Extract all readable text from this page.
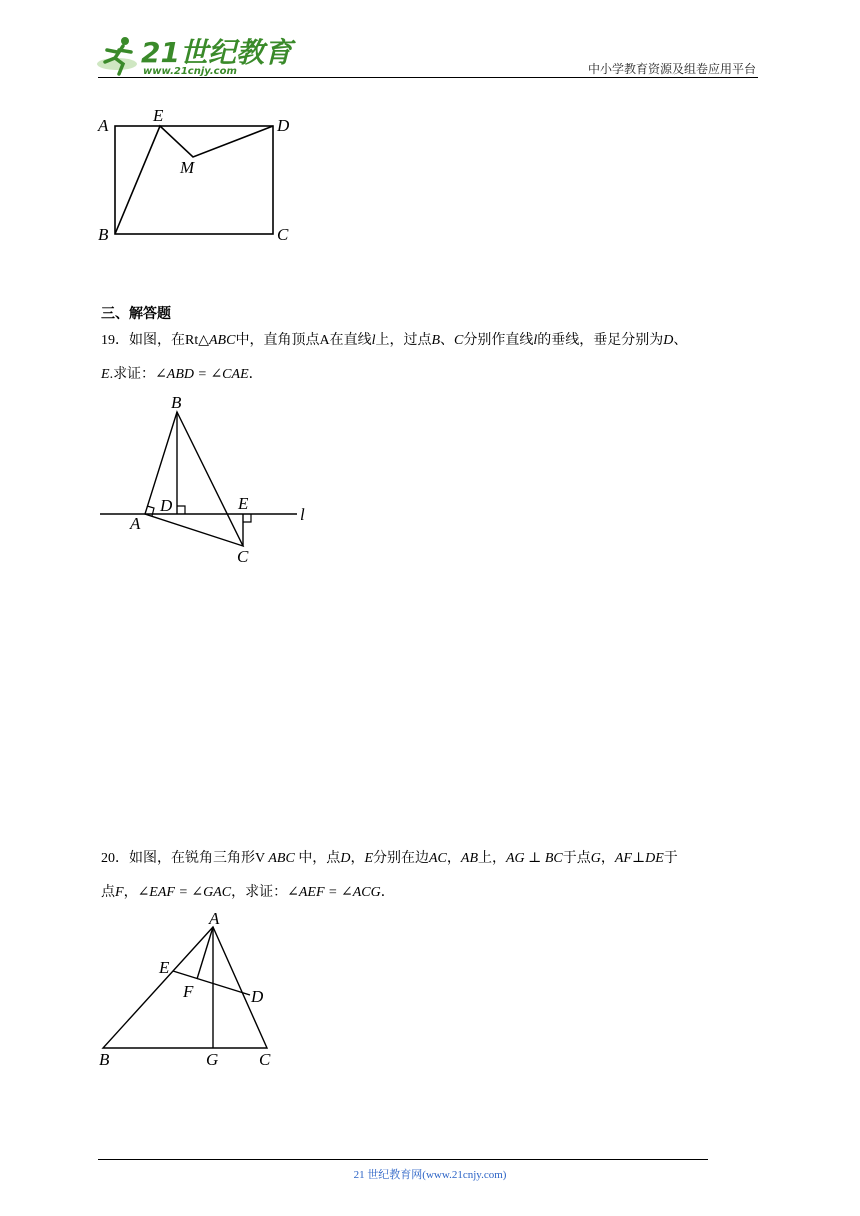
21世纪教育
www.21cnjy.com	中小学教育资源及组卷应用平台
A
E
D
M
B	C
三、解答题
19．如图，在Rt△ABC中，直角顶点A在直线l上，过点B、C分别作直线l的垂线，垂足分别为D、
E.求证：∠ABD = ∠CAE．
B
D	E
l
A
C
20．如图，在锐角三角形V ABC 中，点D，E分别在边AC，AB上，AG ⊥ BC于点G，AF⊥DE于
点F，∠EAF = ∠GAC，求证：∠AEF = ∠ACG．
A
E
F	D
B	G C
21 世纪教育网(www.21cnjy.com)
